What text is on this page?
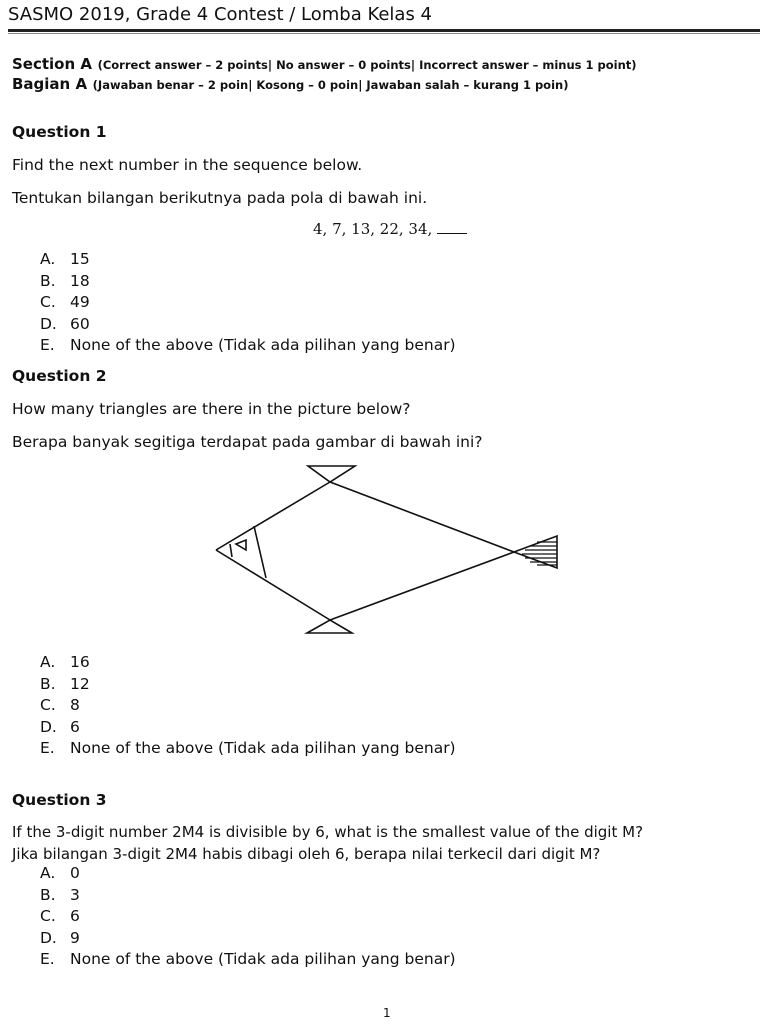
SASMO 2019, Grade 4 Contest / Lomba Kelas 4
Section A (Correct answer – 2 points| No answer – 0 points| Incorrect answer – minus 1 point)
Bagian A (Jawaban benar – 2 poin| Kosong – 0 poin| Jawaban salah – kurang 1 poin)
Question 1
Find the next number in the sequence below.
Tentukan bilangan berikutnya pada pola di bawah ini.
4, 7, 13, 22, 34,
A. 15
B. 18
C. 49
D. 60
E. None of the above (Tidak ada pilihan yang benar)
Question 2
How many triangles are there in the picture below?
Berapa banyak segitiga terdapat pada gambar di bawah ini?
A. 16
B. 12
C. 8
D. 6
E. None of the above (Tidak ada pilihan yang benar)
Question 3
If the 3-digit number 2M4 is divisible by 6, what is the smallest value of the digit M?
Jika bilangan 3-digit 2M4 habis dibagi oleh 6, berapa nilai terkecil dari digit M?
A. 0
B. 3
C. 6
D. 9
E. None of the above (Tidak ada pilihan yang benar)
1
